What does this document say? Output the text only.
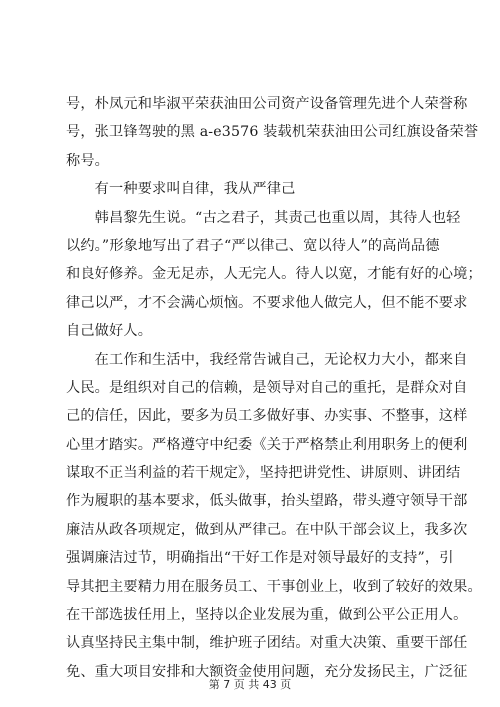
号，朴凤元和毕淑平荣获油田公司资产设备管理先进个人荣誉称
号，张卫锋驾驶的黑 a-e3576 装载机荣获油田公司红旗设备荣誉
称号。
　　有一种要求叫自律，我从严律己
　　韩昌黎先生说。“古之君子，其责己也重以周，其待人也轻
以约。”形象地写出了君子“严以律己、宽以待人”的高尚品德
和良好修养。金无足赤，人无完人。待人以宽，才能有好的心境；
律己以严，才不会满心烦恼。不要求他人做完人，但不能不要求
自己做好人。
　　在工作和生活中，我经常告诫自己，无论权力大小，都来自
人民。是组织对自己的信赖，是领导对自己的重托，是群众对自
己的信任，因此，要多为员工多做好事、办实事、不整事，这样
心里才踏实。严格遵守中纪委《关于严格禁止利用职务上的便利
谋取不正当利益的若干规定》，坚持把讲党性、讲原则、讲团结
作为履职的基本要求，低头做事，抬头望路，带头遵守领导干部
廉洁从政各项规定，做到从严律己。在中队干部会议上，我多次
强调廉洁过节，明确指出“干好工作是对领导最好的支持”，引
导其把主要精力用在服务员工、干事创业上，收到了较好的效果。
在干部选拔任用上，坚持以企业发展为重，做到公平公正用人。
认真坚持民主集中制，维护班子团结。对重大决策、重要干部任
免、重大项目安排和大额资金使用问题，充分发扬民主，广泛征
第 7 页 共 43 页
